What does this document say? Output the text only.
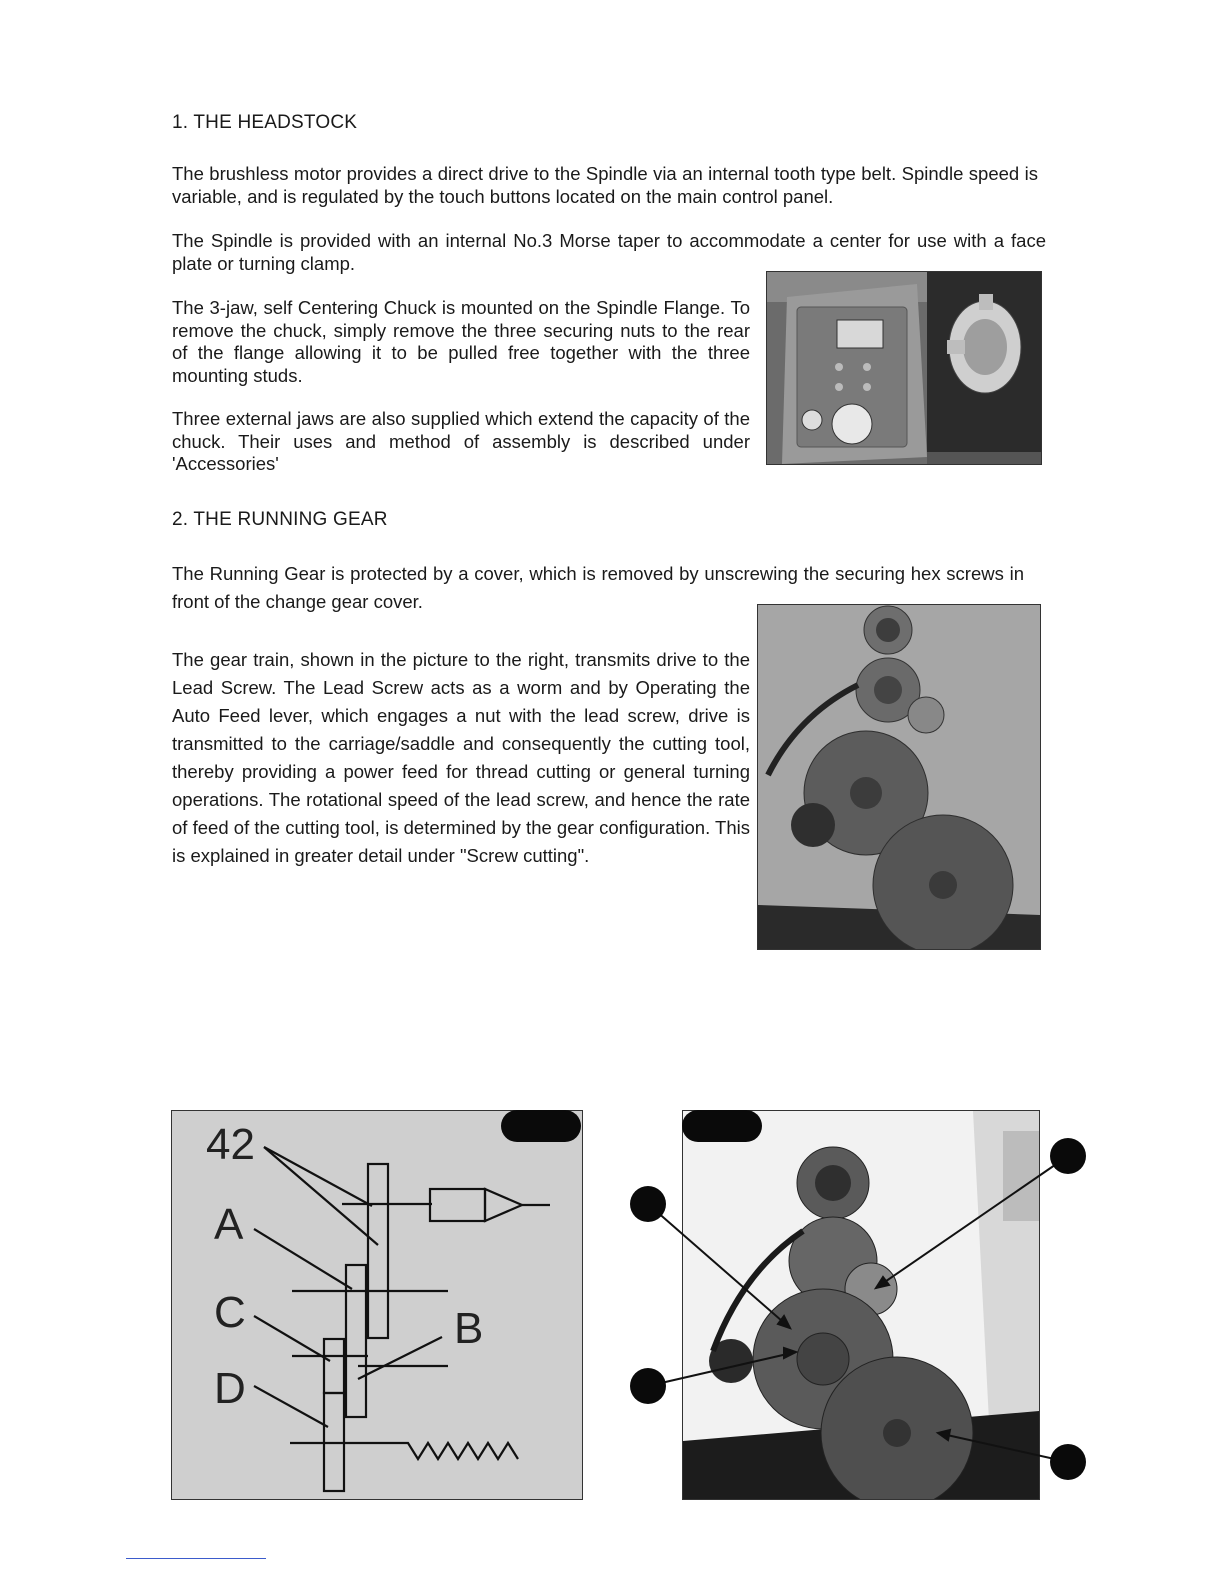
1. THE HEADSTOCK
The brushless motor provides a direct drive to the Spindle via an internal tooth type belt. Spindle speed is variable, and is regulated by the touch buttons located on the main control panel.
The Spindle is provided with an internal No.3 Morse taper to accommodate a center for use with a face plate or turning clamp.
The 3-jaw, self Centering Chuck is mounted on the Spindle Flange. To remove the chuck, simply remove the three securing nuts to the rear of the flange allowing it to be pulled free together with the three mounting studs.
Three external jaws are also supplied which extend the capacity of the chuck. Their uses and method of assembly is described under 'Accessories'
2. THE RUNNING GEAR
The Running Gear is protected by a cover, which is removed by unscrewing the securing hex screws in front of the change gear cover.
The gear train, shown in the picture to the right, transmits drive to the Lead Screw. The Lead Screw acts as a worm and by Operating the Auto Feed lever, which engages a nut with the lead screw, drive is transmitted to the carriage/saddle and consequently the cutting tool, thereby providing a power feed for thread cutting or general turning operations. The rotational speed of the lead screw, and hence the rate of feed of the cutting tool, is determined by the gear configuration. This is explained in greater detail under "Screw cutting".
42
A
C	B
D
